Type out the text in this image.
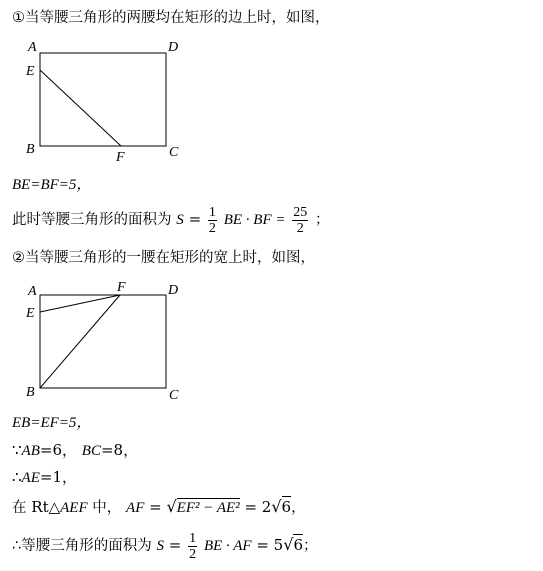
①当等腰三角形的两腰均在矩形的边上时，如图，
A	D
E
B	C
F
BE=BF=5，
此时等腰三角形的面积为 $S = \frac{1}{2}$ BE · BF = $\frac{25}{2}$ ；
②当等腰三角形的一腰在矩形的宽上时，如图，
A	F	D
E
B	C
EB=EF=5，
∵AB=6， BC=8，
∴AE=1，
在 Rt△AEF 中， AF = √EF² − AE² = 2√6，
∴等腰三角形的面积为 $S = \frac{1}{2}$ BE · AF = 5√6；
